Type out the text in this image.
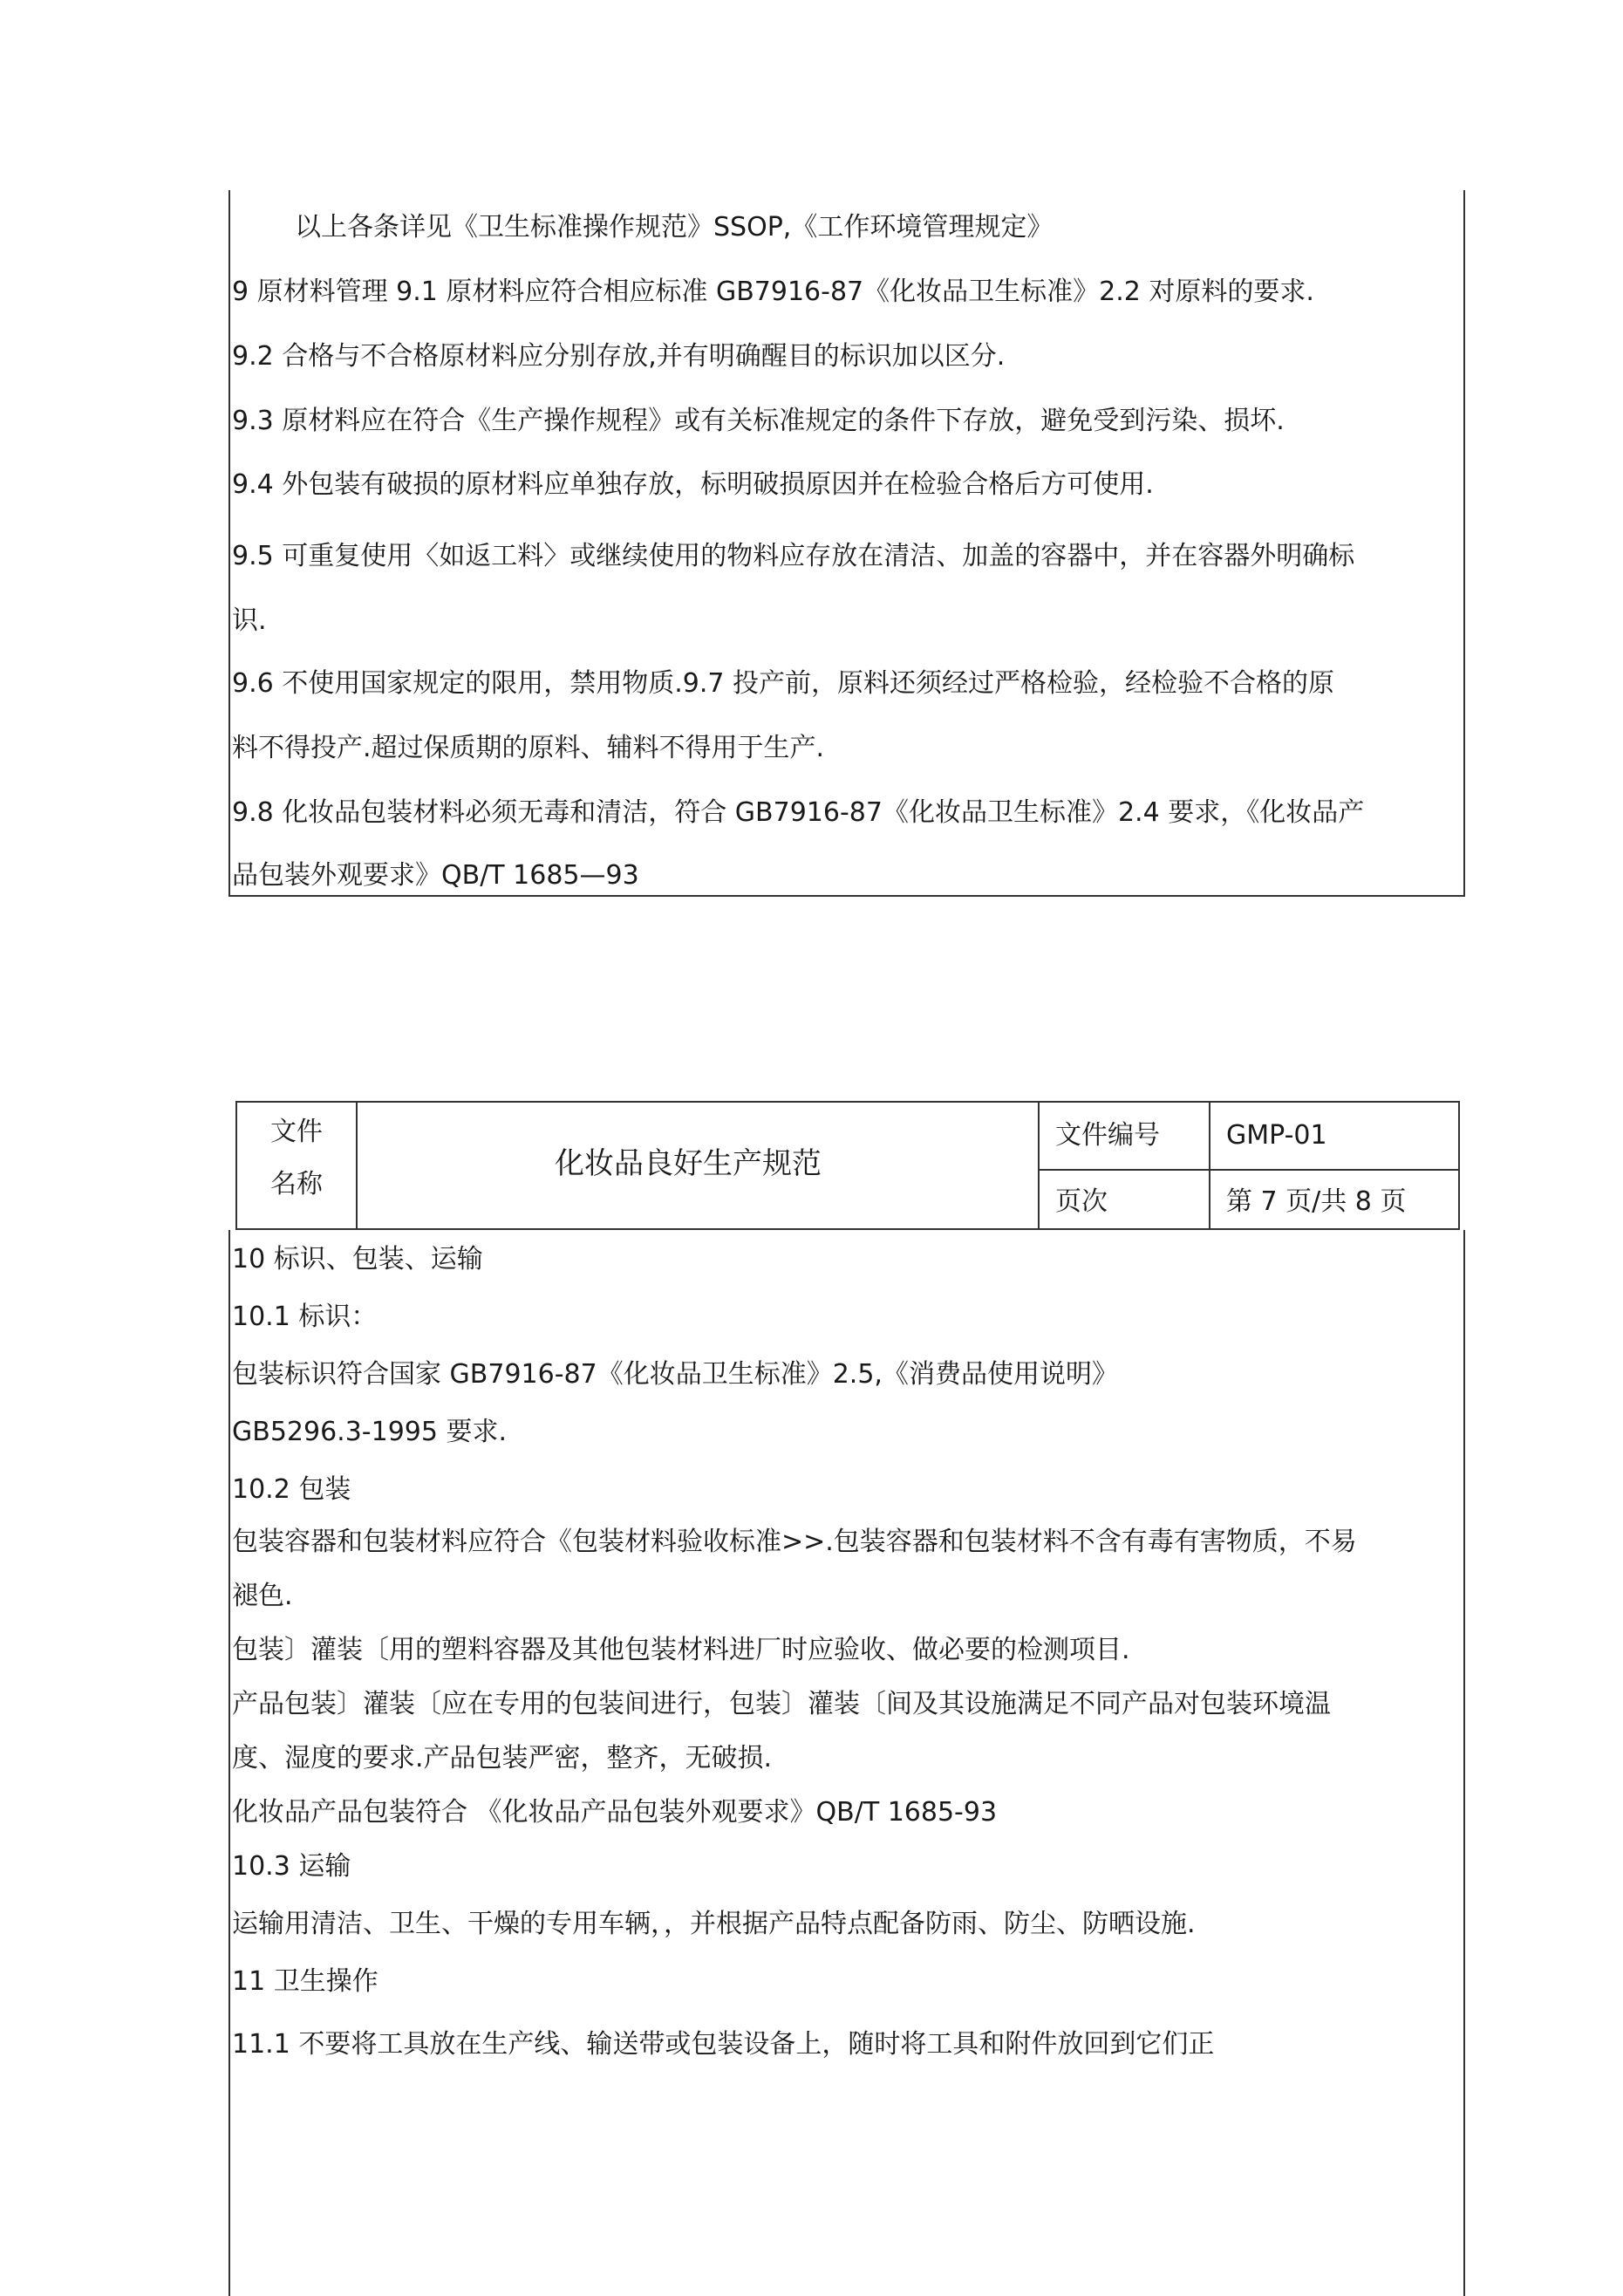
以上各条详见《卫生标准操作规范》SSOP,《工作环境管理规定》
9 原材料管理 9.1 原材料应符合相应标准 GB7916-87《化妆品卫生标准》2.2 对原料的要求.
9.2 合格与不合格原材料应分别存放,并有明确醒目的标识加以区分.
9.3 原材料应在符合《生产操作规程》或有关标准规定的条件下存放，避免受到污染、损坏.
9.4 外包装有破损的原材料应单独存放，标明破损原因并在检验合格后方可使用.
9.5 可重复使用〈如返工料〉或继续使用的物料应存放在清洁、加盖的容器中，并在容器外明确标
识.
9.6 不使用国家规定的限用，禁用物质.9.7 投产前，原料还须经过严格检验，经检验不合格的原
料不得投产.超过保质期的原料、辅料不得用于生产.
9.8 化妆品包装材料必须无毒和清洁，符合 GB7916-87《化妆品卫生标准》2.4 要求，《化妆品产
品包装外观要求》QB/T 1685—93
文件
名称
化妆品良好生产规范
文件编号	GMP-01
页次	第 7 页/共 8 页
10 标识、包装、运输
10.1 标识：
包装标识符合国家 GB7916-87《化妆品卫生标准》2.5,《消费品使用说明》
GB5296.3-1995 要求.
10.2 包装
包装容器和包装材料应符合《包装材料验收标准>>.包装容器和包装材料不含有毒有害物质，不易
褪色.
包装〕灌装〔用的塑料容器及其他包装材料进厂时应验收、做必要的检测项目.
产品包装〕灌装〔应在专用的包装间进行，包装〕灌装〔间及其设施满足不同产品对包装环境温
度、湿度的要求.产品包装严密，整齐，无破损.
化妆品产品包装符合 《化妆品产品包装外观要求》QB/T 1685-93
10.3 运输
运输用清洁、卫生、干燥的专用车辆，，并根据产品特点配备防雨、防尘、防晒设施.
11 卫生操作
11.1 不要将工具放在生产线、输送带或包装设备上，随时将工具和附件放回到它们正
